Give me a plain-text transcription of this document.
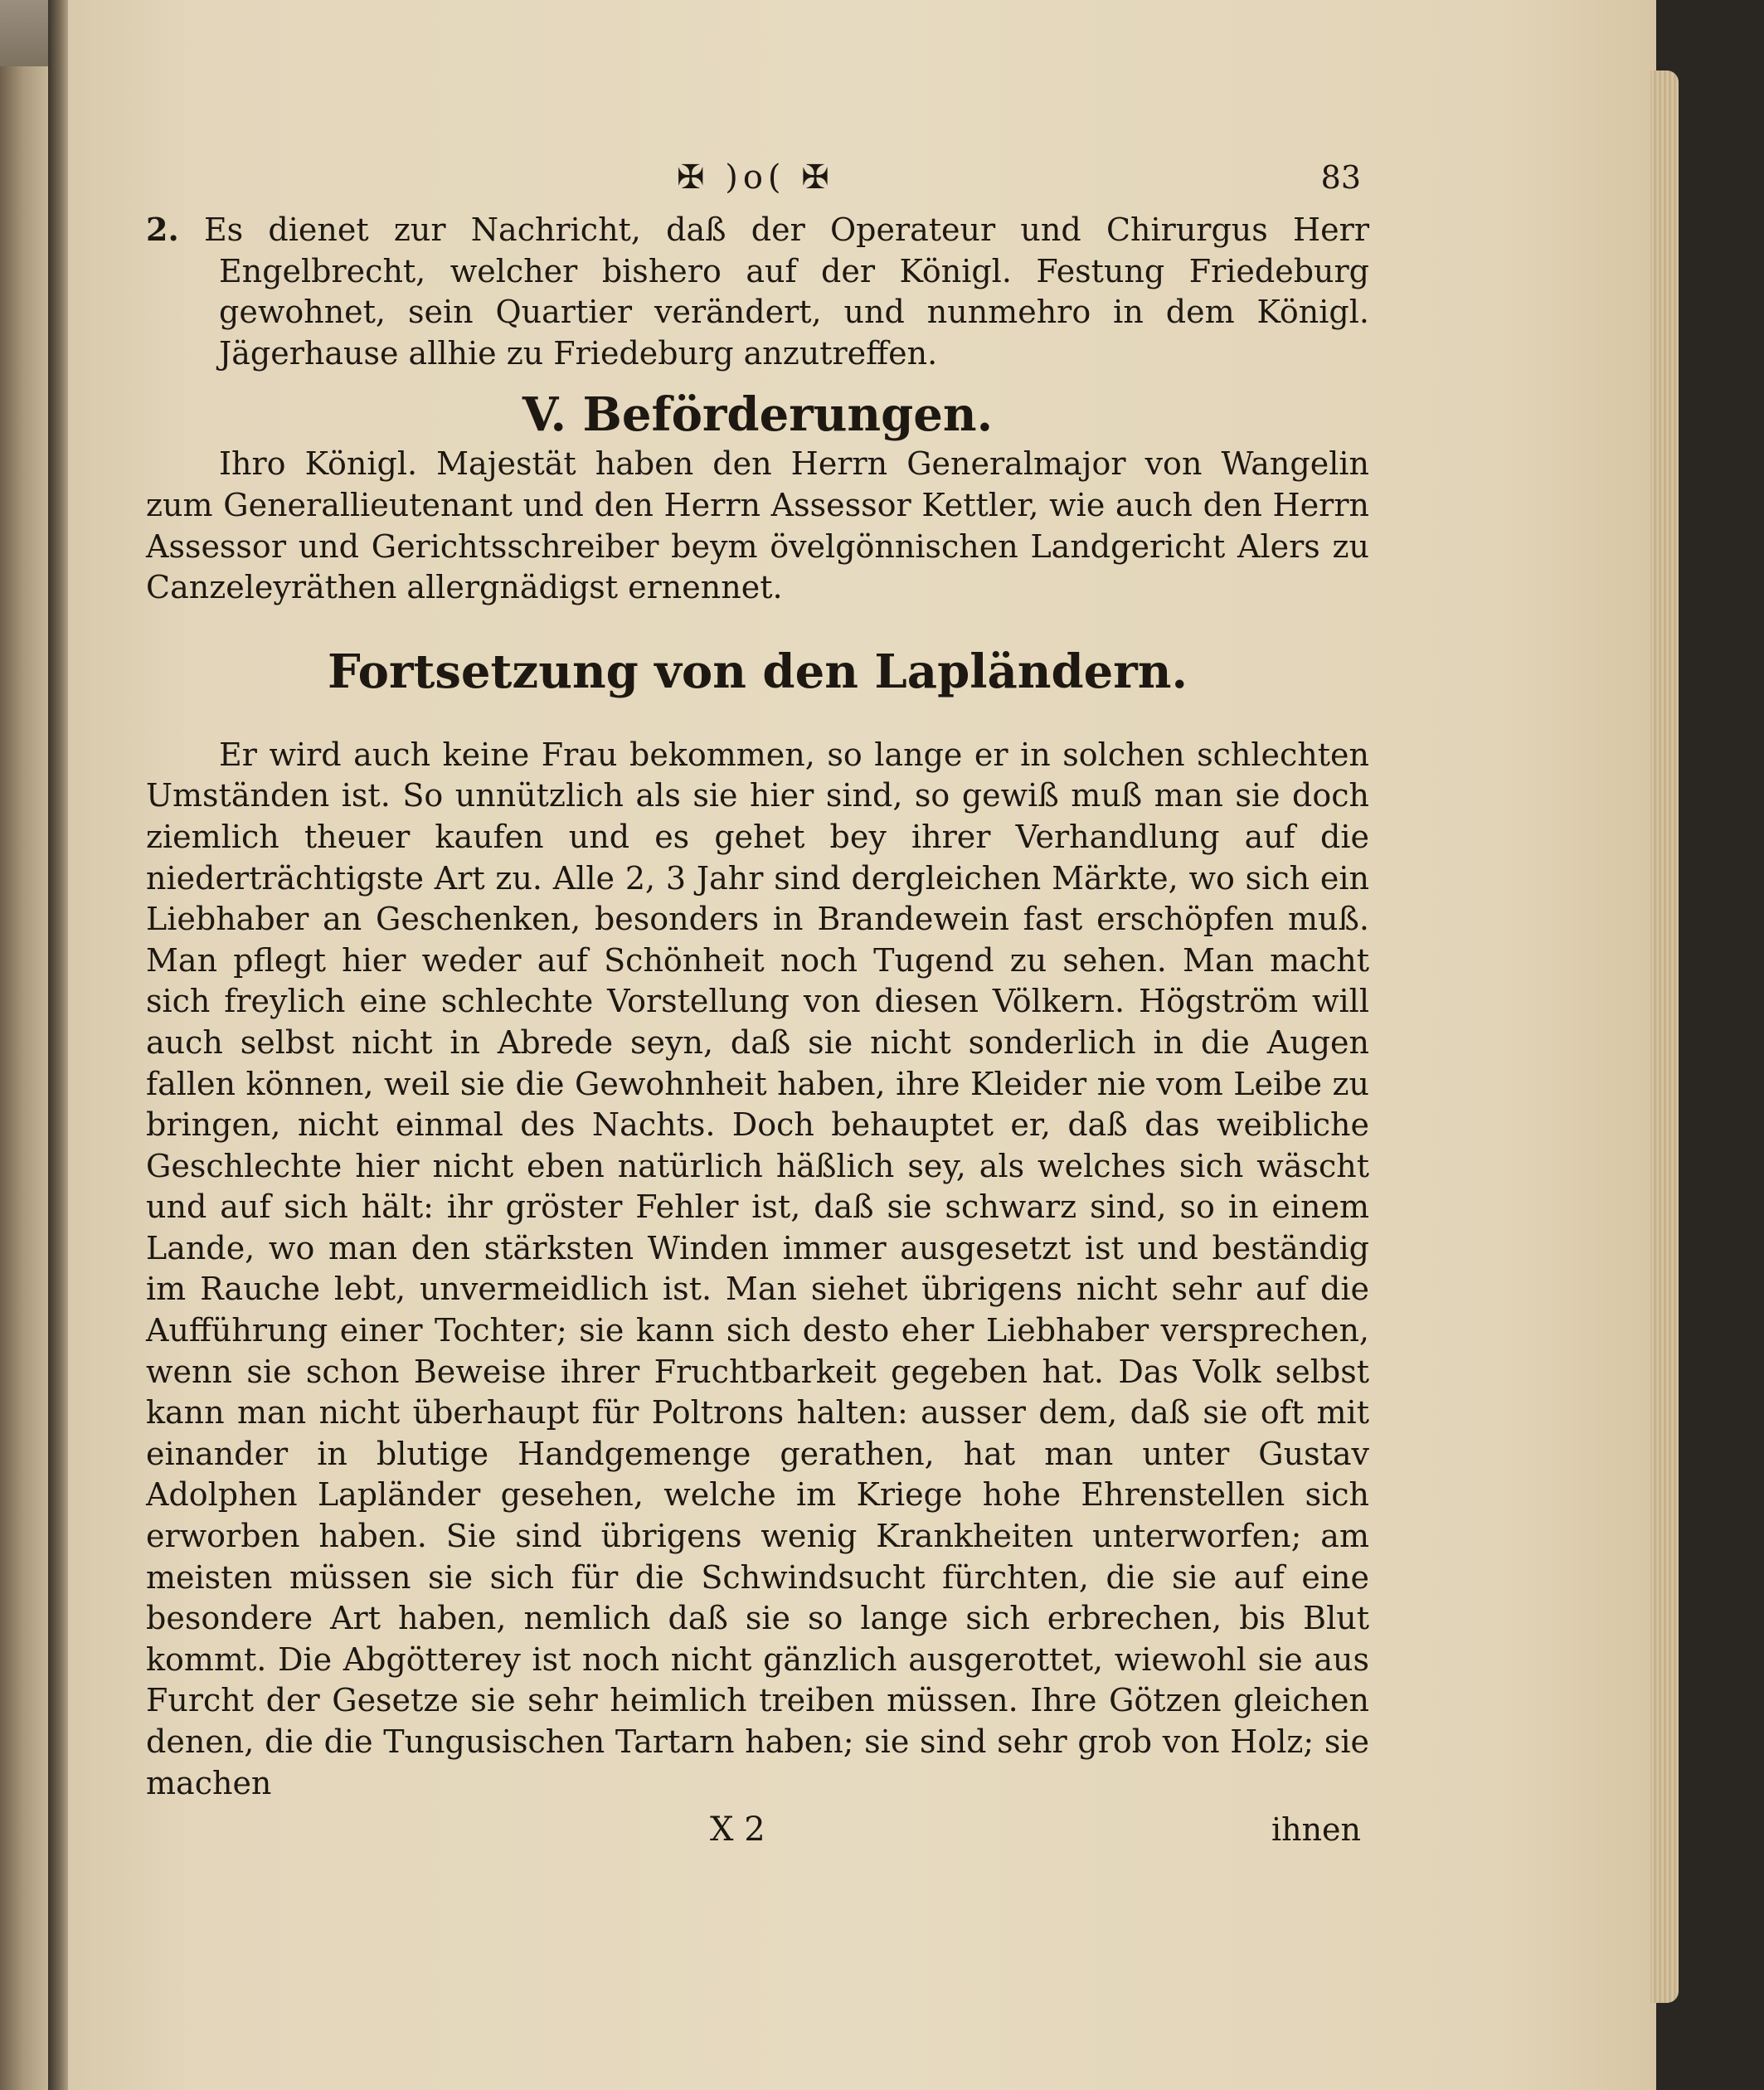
✠ )o( ✠	83

2. Es dienet zur Nachricht, daß der Operateur und Chirurgus Herr Engelbrecht, welcher bishero auf der Königl. Festung Friedeburg gewohnet, sein Quartier verändert, und nunmehro in dem Königl. Jägerhause allhie zu Friedeburg anzutreffen.

V. Beförderungen.

Ihro Königl. Majestät haben den Herrn Generalmajor von Wangelin zum Generallieutenant und den Herrn Assessor Kettler, wie auch den Herrn Assessor und Gerichtsschreiber beym övelgönnischen Landgericht Alers zu Canzeleyräthen allergnädigst ernennet.

Fortsetzung von den Lapländern.

Er wird auch keine Frau bekommen, so lange er in solchen schlechten Umständen ist. So unnützlich als sie hier sind, so gewiß muß man sie doch ziemlich theuer kaufen und es gehet bey ihrer Verhandlung auf die niederträchtigste Art zu. Alle 2, 3 Jahr sind dergleichen Märkte, wo sich ein Liebhaber an Geschenken, besonders in Brandewein fast erschöpfen muß. Man pflegt hier weder auf Schönheit noch Tugend zu sehen. Man macht sich freylich eine schlechte Vorstellung von diesen Völkern. Högström will auch selbst nicht in Abrede seyn, daß sie nicht sonderlich in die Augen fallen können, weil sie die Gewohnheit haben, ihre Kleider nie vom Leibe zu bringen, nicht einmal des Nachts. Doch behauptet er, daß das weibliche Geschlechte hier nicht eben natürlich häßlich sey, als welches sich wäscht und auf sich hält: ihr gröster Fehler ist, daß sie schwarz sind, so in einem Lande, wo man den stärksten Winden immer ausgesetzt ist und beständig im Rauche lebt, unvermeidlich ist. Man siehet übrigens nicht sehr auf die Aufführung einer Tochter; sie kann sich desto eher Liebhaber versprechen, wenn sie schon Beweise ihrer Fruchtbarkeit gegeben hat. Das Volk selbst kann man nicht überhaupt für Poltrons halten: ausser dem, daß sie oft mit einander in blutige Handgemenge gerathen, hat man unter Gustav Adolphen Lapländer gesehen, welche im Kriege hohe Ehrenstellen sich erworben haben. Sie sind übrigens wenig Krankheiten unterworfen; am meisten müssen sie sich für die Schwindsucht fürchten, die sie auf eine besondere Art haben, nemlich daß sie so lange sich erbrechen, bis Blut kommt. Die Abgötterey ist noch nicht gänzlich ausgerottet, wiewohl sie aus Furcht der Gesetze sie sehr heimlich treiben müssen. Ihre Götzen gleichen denen, die die Tungusischen Tartarn haben; sie sind sehr grob von Holz; sie machen

X 2	ihnen
